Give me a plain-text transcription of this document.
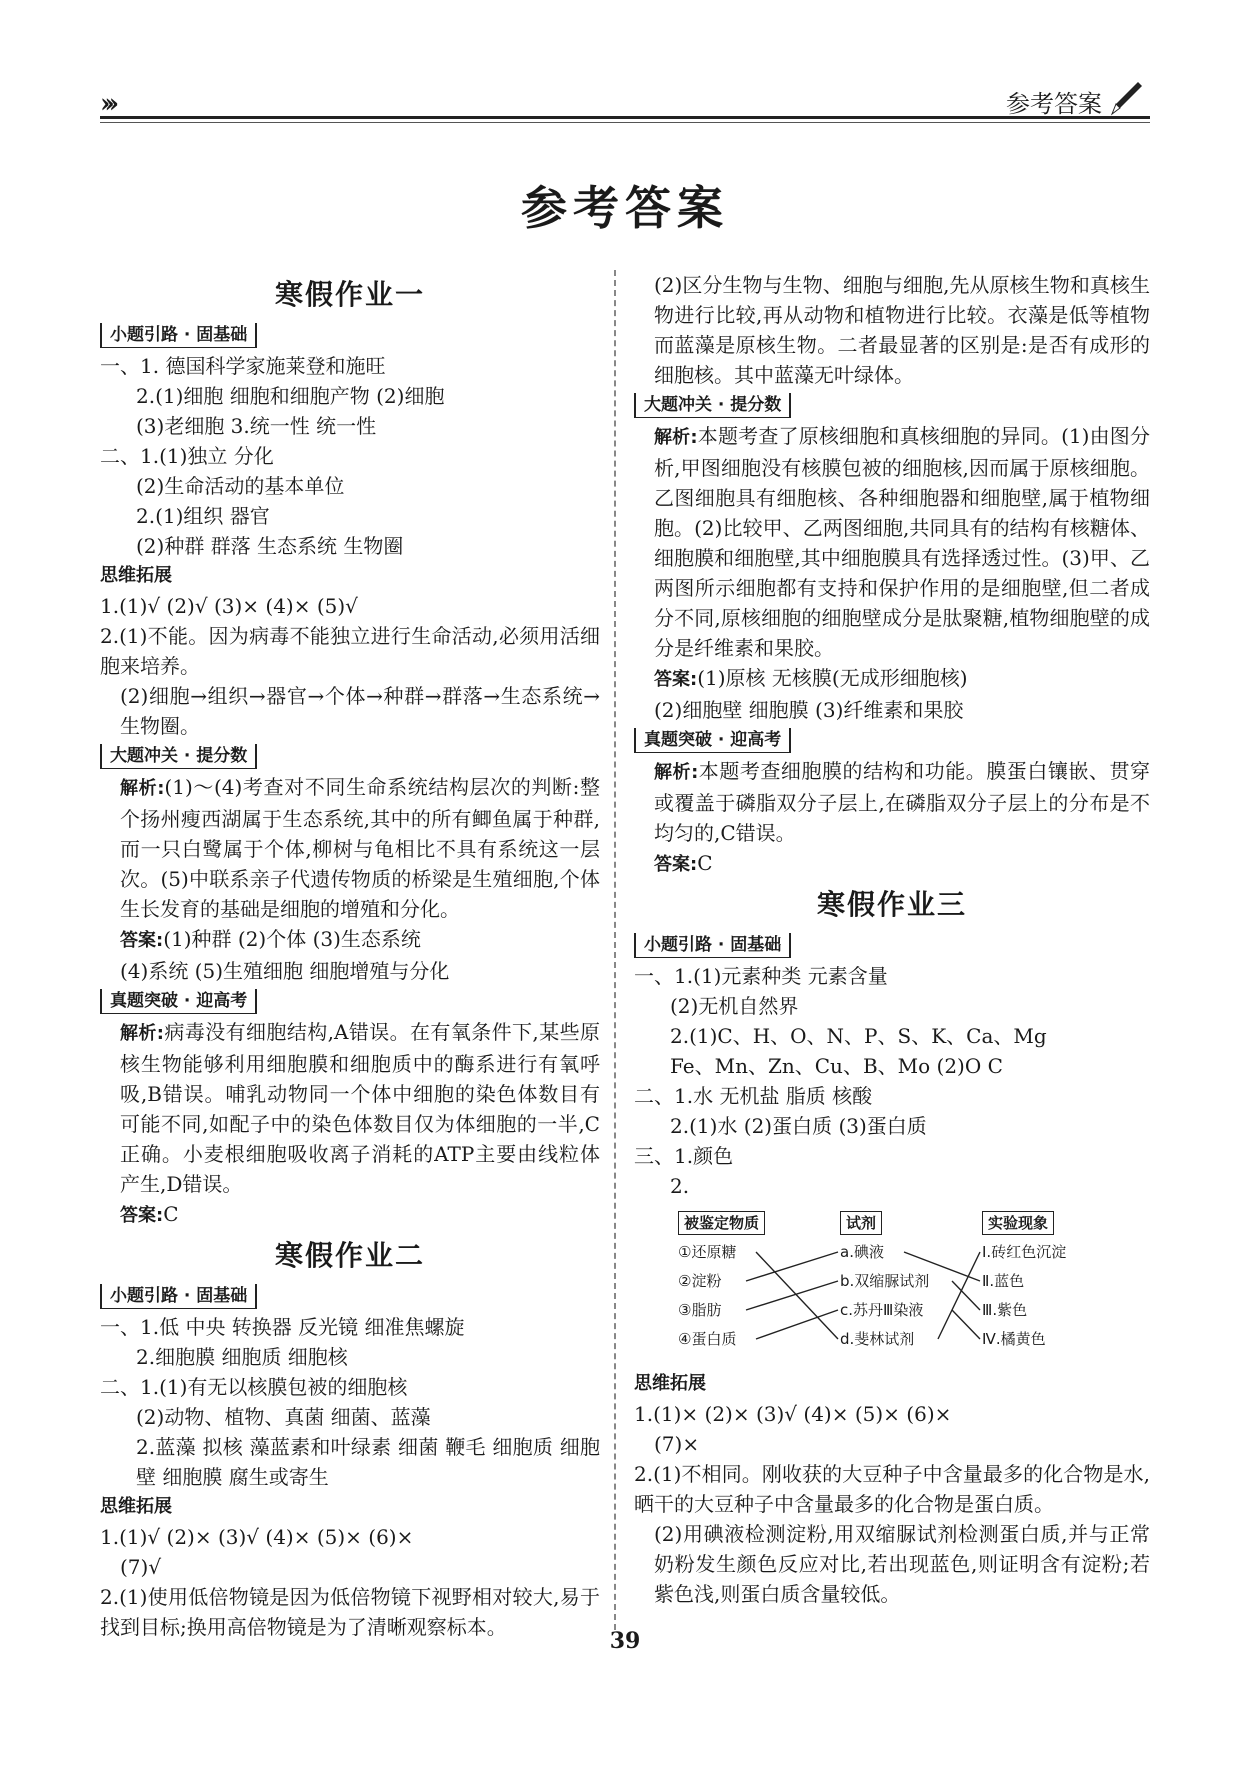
›››	参考答案
参考答案
寒假作业一
小题引路 · 固基础
一、1. 德国科学家施莱登和施旺
2.(1)细胞 细胞和细胞产物 (2)细胞
(3)老细胞 3.统一性 统一性
二、1.(1)独立 分化
(2)生命活动的基本单位
2.(1)组织 器官
(2)种群 群落 生态系统 生物圈
思维拓展
1.(1)√ (2)√ (3)× (4)× (5)√
2.(1)不能。因为病毒不能独立进行生命活动,必须用活细胞来培养。
(2)细胞→组织→器官→个体→种群→群落→生态系统→生物圈。
大题冲关 · 提分数
解析:(1)～(4)考查对不同生命系统结构层次的判断:整个扬州瘦西湖属于生态系统,其中的所有鲫鱼属于种群,而一只白鹭属于个体,柳树与龟相比不具有系统这一层次。(5)中联系亲子代遗传物质的桥梁是生殖细胞,个体生长发育的基础是细胞的增殖和分化。
答案:(1)种群 (2)个体 (3)生态系统
(4)系统 (5)生殖细胞 细胞增殖与分化
真题突破 · 迎高考
解析:病毒没有细胞结构,A错误。在有氧条件下,某些原核生物能够利用细胞膜和细胞质中的酶系进行有氧呼吸,B错误。哺乳动物同一个体中细胞的染色体数目有可能不同,如配子中的染色体数目仅为体细胞的一半,C正确。小麦根细胞吸收离子消耗的ATP主要由线粒体产生,D错误。
答案:C
寒假作业二
小题引路 · 固基础
一、1.低 中央 转换器 反光镜 细准焦螺旋
2.细胞膜 细胞质 细胞核
二、1.(1)有无以核膜包被的细胞核
(2)动物、植物、真菌 细菌、蓝藻
2.蓝藻 拟核 藻蓝素和叶绿素 细菌 鞭毛 细胞质 细胞壁 细胞膜 腐生或寄生
思维拓展
1.(1)√ (2)× (3)√ (4)× (5)× (6)×
(7)√
2.(1)使用低倍物镜是因为低倍物镜下视野相对较大,易于找到目标;换用高倍物镜是为了清晰观察标本。
(2)区分生物与生物、细胞与细胞,先从原核生物和真核生物进行比较,再从动物和植物进行比较。衣藻是低等植物而蓝藻是原核生物。二者最显著的区别是:是否有成形的细胞核。其中蓝藻无叶绿体。
大题冲关 · 提分数
解析:本题考查了原核细胞和真核细胞的异同。(1)由图分析,甲图细胞没有核膜包被的细胞核,因而属于原核细胞。乙图细胞具有细胞核、各种细胞器和细胞壁,属于植物细胞。(2)比较甲、乙两图细胞,共同具有的结构有核糖体、细胞膜和细胞壁,其中细胞膜具有选择透过性。(3)甲、乙两图所示细胞都有支持和保护作用的是细胞壁,但二者成分不同,原核细胞的细胞壁成分是肽聚糖,植物细胞壁的成分是纤维素和果胶。
答案:(1)原核 无核膜(无成形细胞核)
(2)细胞壁 细胞膜 (3)纤维素和果胶
真题突破 · 迎高考
解析:本题考查细胞膜的结构和功能。膜蛋白镶嵌、贯穿或覆盖于磷脂双分子层上,在磷脂双分子层上的分布是不均匀的,C错误。
答案:C
寒假作业三
小题引路 · 固基础
一、1.(1)元素种类 元素含量
(2)无机自然界
2.(1)C、H、O、N、P、S、K、Ca、Mg
Fe、Mn、Zn、Cu、B、Mo (2)O C
二、1.水 无机盐 脂质 核酸
2.(1)水 (2)蛋白质 (3)蛋白质
三、1.颜色
2.
被鉴定物质	试剂	实验现象
①还原糖
②淀粉
③脂肪
④蛋白质
a.碘液
b.双缩脲试剂
c.苏丹Ⅲ染液
d.斐林试剂
Ⅰ.砖红色沉淀
Ⅱ.蓝色
Ⅲ.紫色
Ⅳ.橘黄色
思维拓展
1.(1)× (2)× (3)√ (4)× (5)× (6)×
(7)×
2.(1)不相同。刚收获的大豆种子中含量最多的化合物是水,晒干的大豆种子中含量最多的化合物是蛋白质。
(2)用碘液检测淀粉,用双缩脲试剂检测蛋白质,并与正常奶粉发生颜色反应对比,若出现蓝色,则证明含有淀粉;若紫色浅,则蛋白质含量较低。
39
